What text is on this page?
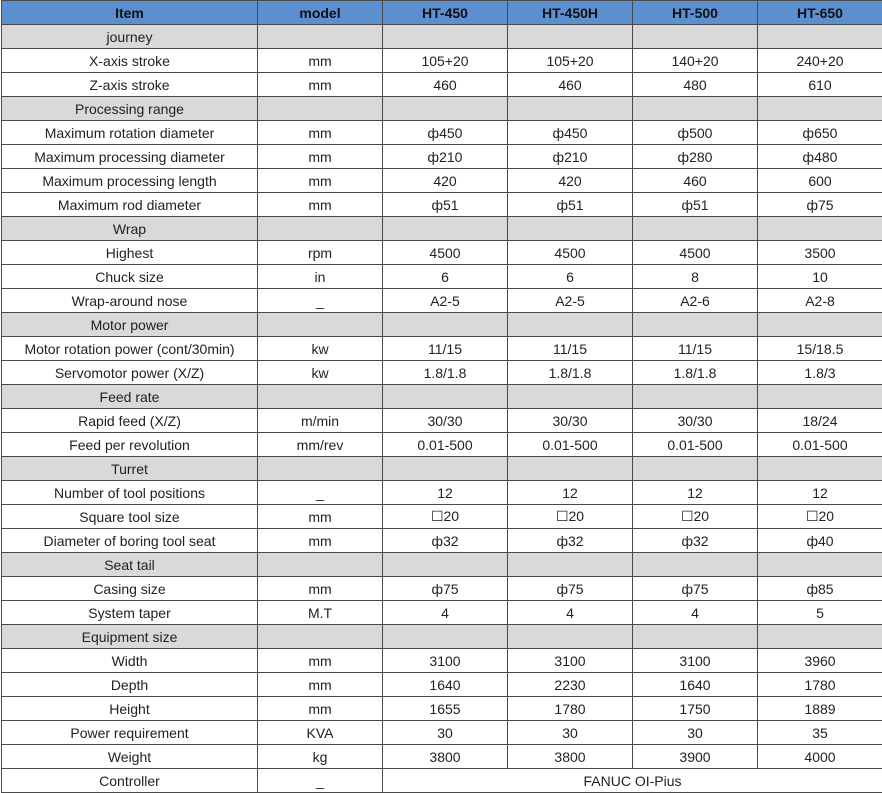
Item	model	HT-450	HT-450H	HT-500	HT-650
journey					
X-axis stroke	mm	105+20	105+20	140+20	240+20
Z-axis stroke	mm	460	460	480	610
Processing range					
Maximum rotation diameter	mm	ф450	ф450	ф500	ф650
Maximum processing diameter	mm	ф210	ф210	ф280	ф480
Maximum processing length	mm	420	420	460	600
Maximum rod diameter	mm	ф51	ф51	ф51	ф75
Wrap					
Highest	rpm	4500	4500	4500	3500
Chuck size	in	6	6	8	10
Wrap-around nose	_	A2-5	A2-5	A2-6	A2-8
Motor power					
Motor rotation power (cont/30min)	kw	11/15	11/15	11/15	15/18.5
Servomotor power (X/Z)	kw	1.8/1.8	1.8/1.8	1.8/1.8	1.8/3
Feed rate					
Rapid feed (X/Z)	m/min	30/30	30/30	30/30	18/24
Feed per revolution	mm/rev	0.01-500	0.01-500	0.01-500	0.01-500
Turret					
Number of tool positions	_	12	12	12	12
Square tool size	mm	☐20	☐20	☐20	☐20
Diameter of boring tool seat	mm	ф32	ф32	ф32	ф40
Seat tail					
Casing size	mm	ф75	ф75	ф75	ф85
System taper	M.T	4	4	4	5
Equipment size					
Width	mm	3100	3100	3100	3960
Depth	mm	1640	2230	1640	1780
Height	mm	1655	1780	1750	1889
Power requirement	KVA	30	30	30	35
Weight	kg	3800	3800	3900	4000
Controller	_	FANUC OI-Pius			
